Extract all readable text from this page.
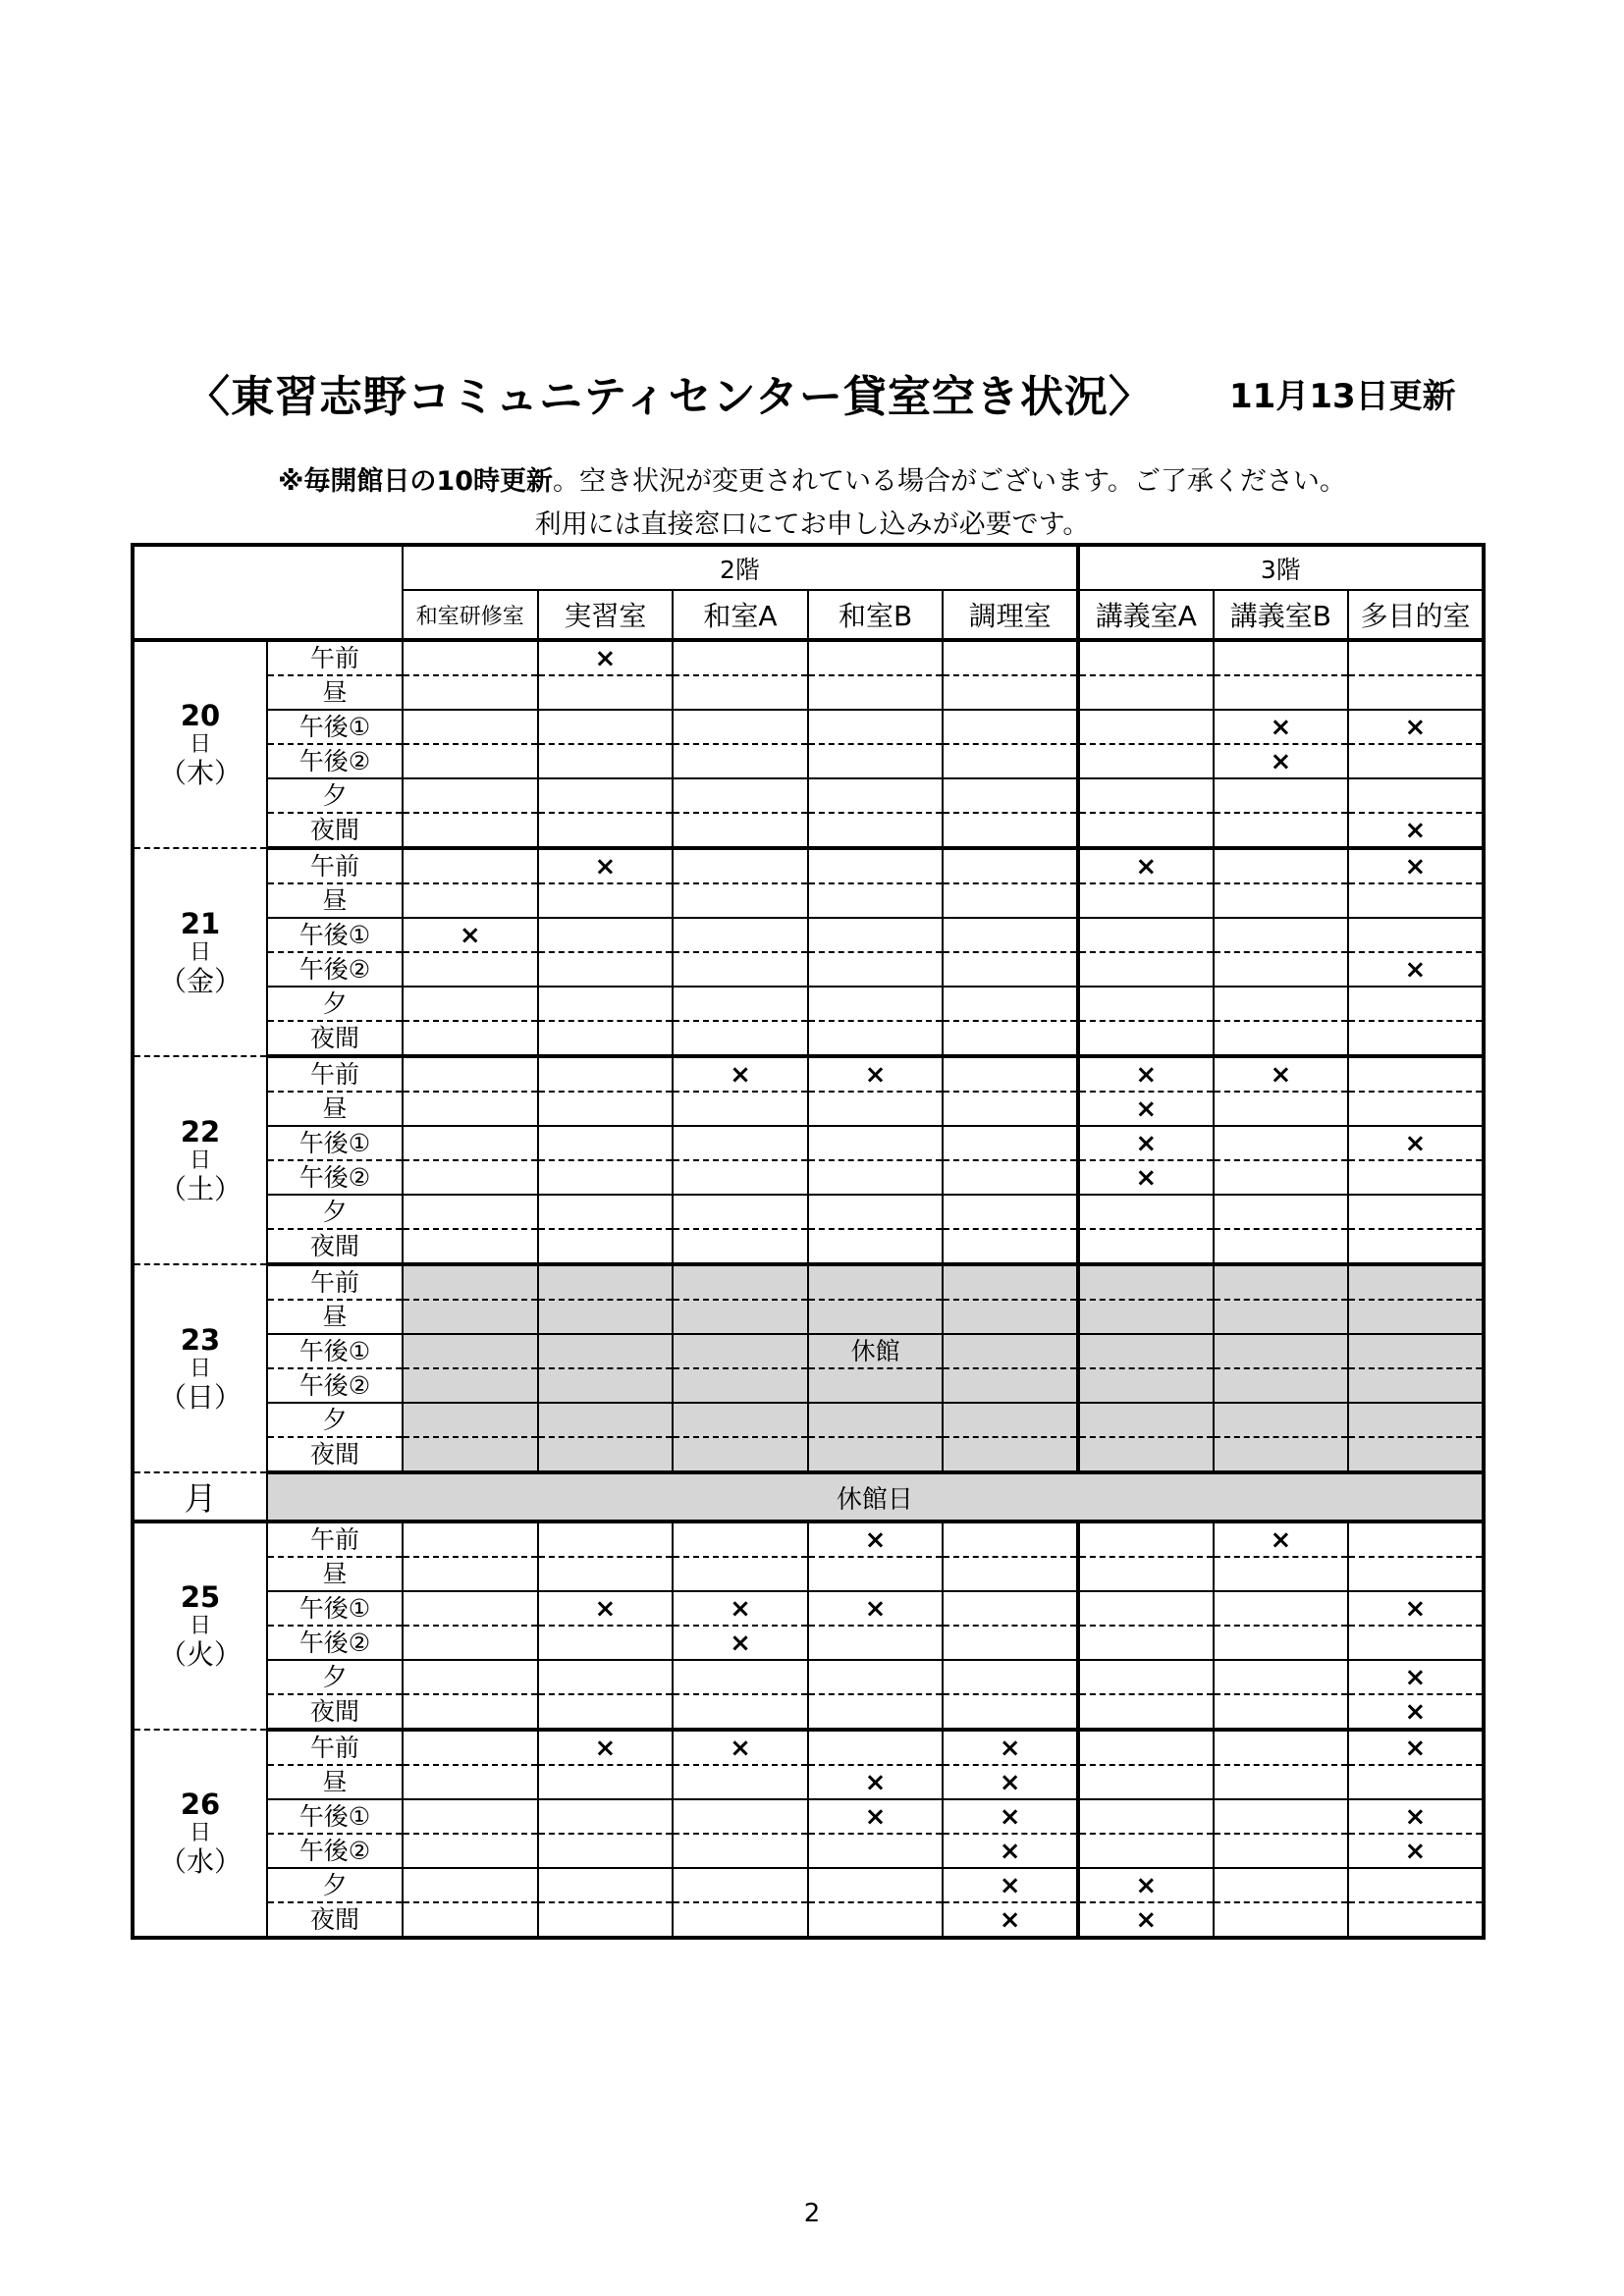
〈東習志野コミュニティセンター貸室空き状況〉 11月13日更新
※毎開館日の10時更新。空き状況が変更されている場合がございます。ご了承ください。
利用には直接窓口にてお申し込みが必要です。
		2階					3階		
		和室研修室	実習室	和室A	和室B	調理室	講義室A	講義室B	多目的室

20
日
（木）	午前		×						
	昼								
	午後①							×	×
	午後②							×	
	夕								
	夜間								×

21
日
（金）	午前		×				×		×
	昼								
	午後①	×							
	午後②								×
	夕								
	夜間								

22
日
（土）	午前			×	×		×	×	
	昼						×		
	午後①						×		×
	午後②						×		
	夕								
	夜間								

23
日
（日）	午前								
	昼								
	午後①				休館				
	午後②								
	夕								
	夜間								
月	休館日								

25
日
（火）	午前				×			×	
	昼								
	午後①		×	×	×				×
	午後②			×					
	夕								×
	夜間								×

26
日
（水）	午前		×	×		×			×
	昼				×	×			
	午後①				×	×			×
	午後②					×			×
	夕					×	×		
	夜間					×	×		
2
